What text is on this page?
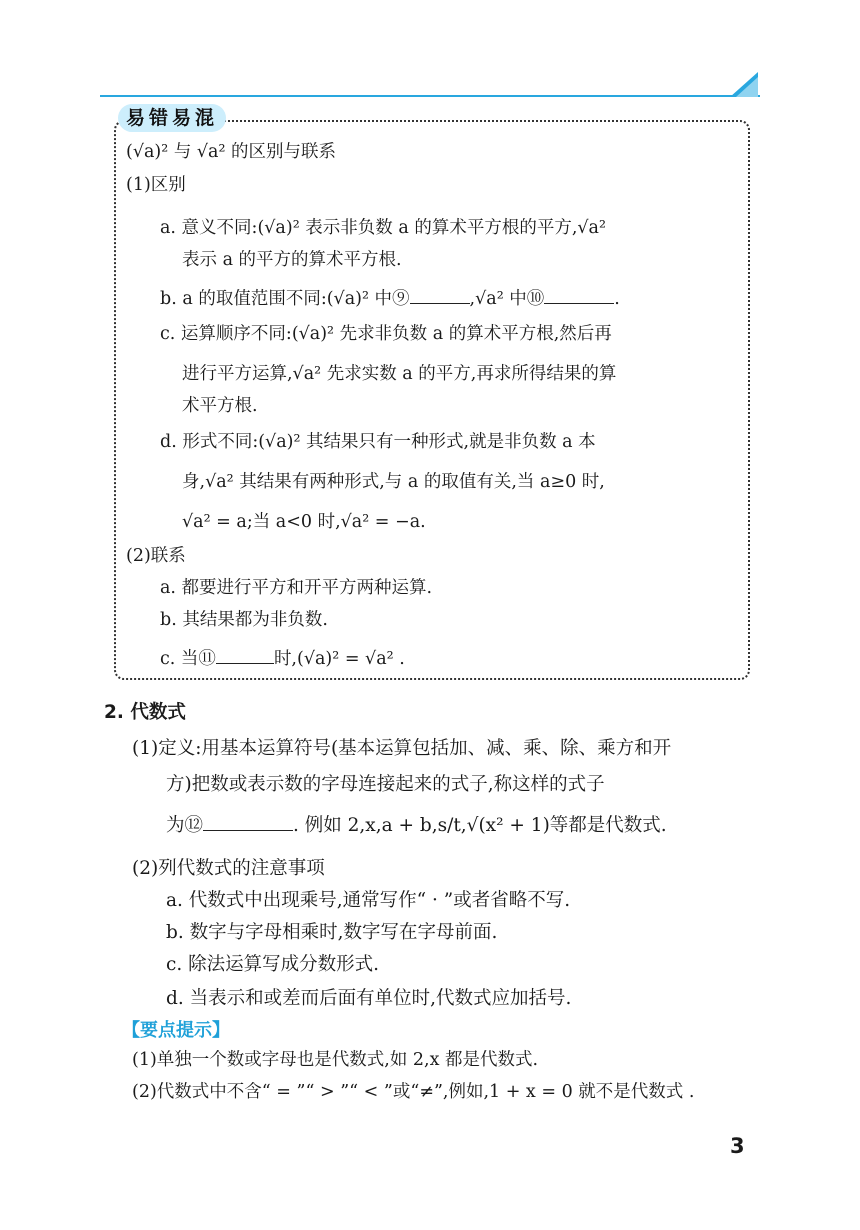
易错易混
(√a)² 与 √a² 的区别与联系
(1)区别
a. 意义不同:(√a)² 表示非负数 a 的算术平方根的平方,√a²
表示 a 的平方的算术平方根.
b. a 的取值范围不同:(√a)² 中⑨	,√a² 中⑩	.
c. 运算顺序不同:(√a)² 先求非负数 a 的算术平方根,然后再
进行平方运算,√a² 先求实数 a 的平方,再求所得结果的算
术平方根.
d. 形式不同:(√a)² 其结果只有一种形式,就是非负数 a 本
身,√a² 其结果有两种形式,与 a 的取值有关,当 a≥0 时,
√a² = a;当 a<0 时,√a² = −a.
(2)联系
a. 都要进行平方和开平方两种运算.
b. 其结果都为非负数.
c. 当⑪	时,(√a)² = √a² .
2. 代数式
(1)定义:用基本运算符号(基本运算包括加、减、乘、除、乘方和开
方)把数或表示数的字母连接起来的式子,称这样的式子
为⑫	. 例如 2,x,a + b,s/t,√(x² + 1)等都是代数式.
(2)列代数式的注意事项
a. 代数式中出现乘号,通常写作“ · ”或者省略不写.
b. 数字与字母相乘时,数字写在字母前面.
c. 除法运算写成分数形式.
d. 当表示和或差而后面有单位时,代数式应加括号.
【要点提示】
(1)单独一个数或字母也是代数式,如 2,x 都是代数式.
(2)代数式中不含“ = ”“ > ”“ < ”或“≠”,例如,1 + x = 0 就不是代数式 .
3
